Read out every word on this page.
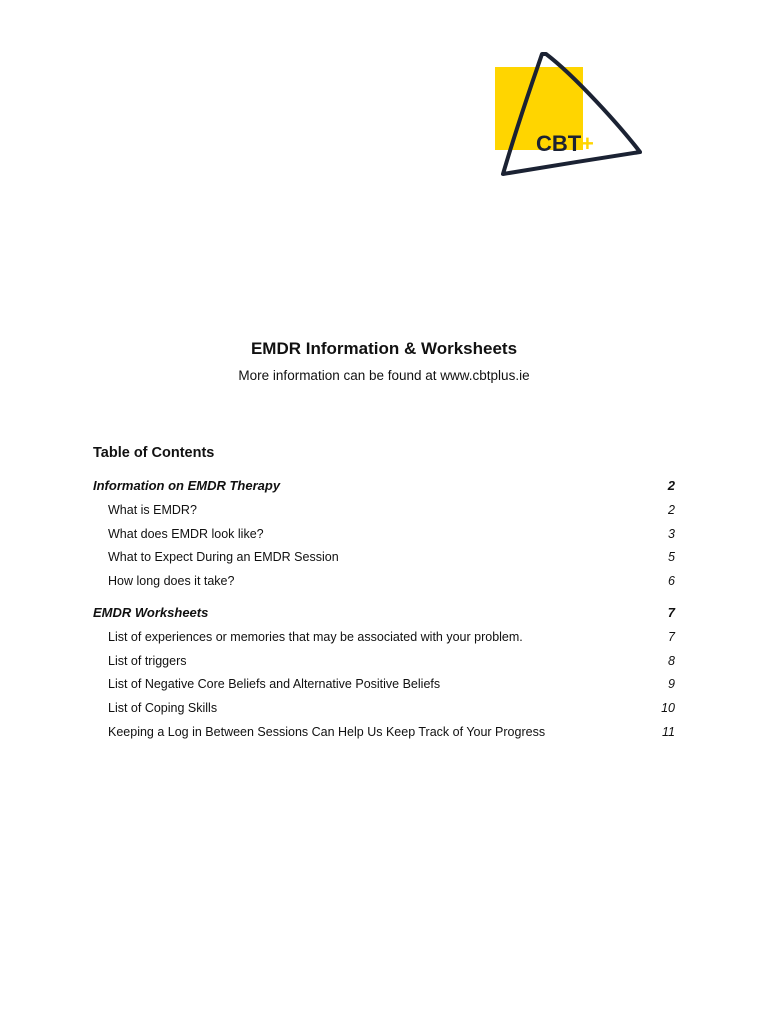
CBT +
EMDR Information & Worksheets

More information can be found at www.cbtplus.ie

Table of Contents
Information on EMDR Therapy	2
What is EMDR?	2
What does EMDR look like?	3
What to Expect During an EMDR Session	5
How long does it take?	6
EMDR Worksheets	7
List of experiences or memories that may be associated with your problem.	7
List of triggers	8
List of Negative Core Beliefs and Alternative Positive Beliefs	9
List of Coping Skills	10
Keeping a Log in Between Sessions Can Help Us Keep Track of Your Progress	11
